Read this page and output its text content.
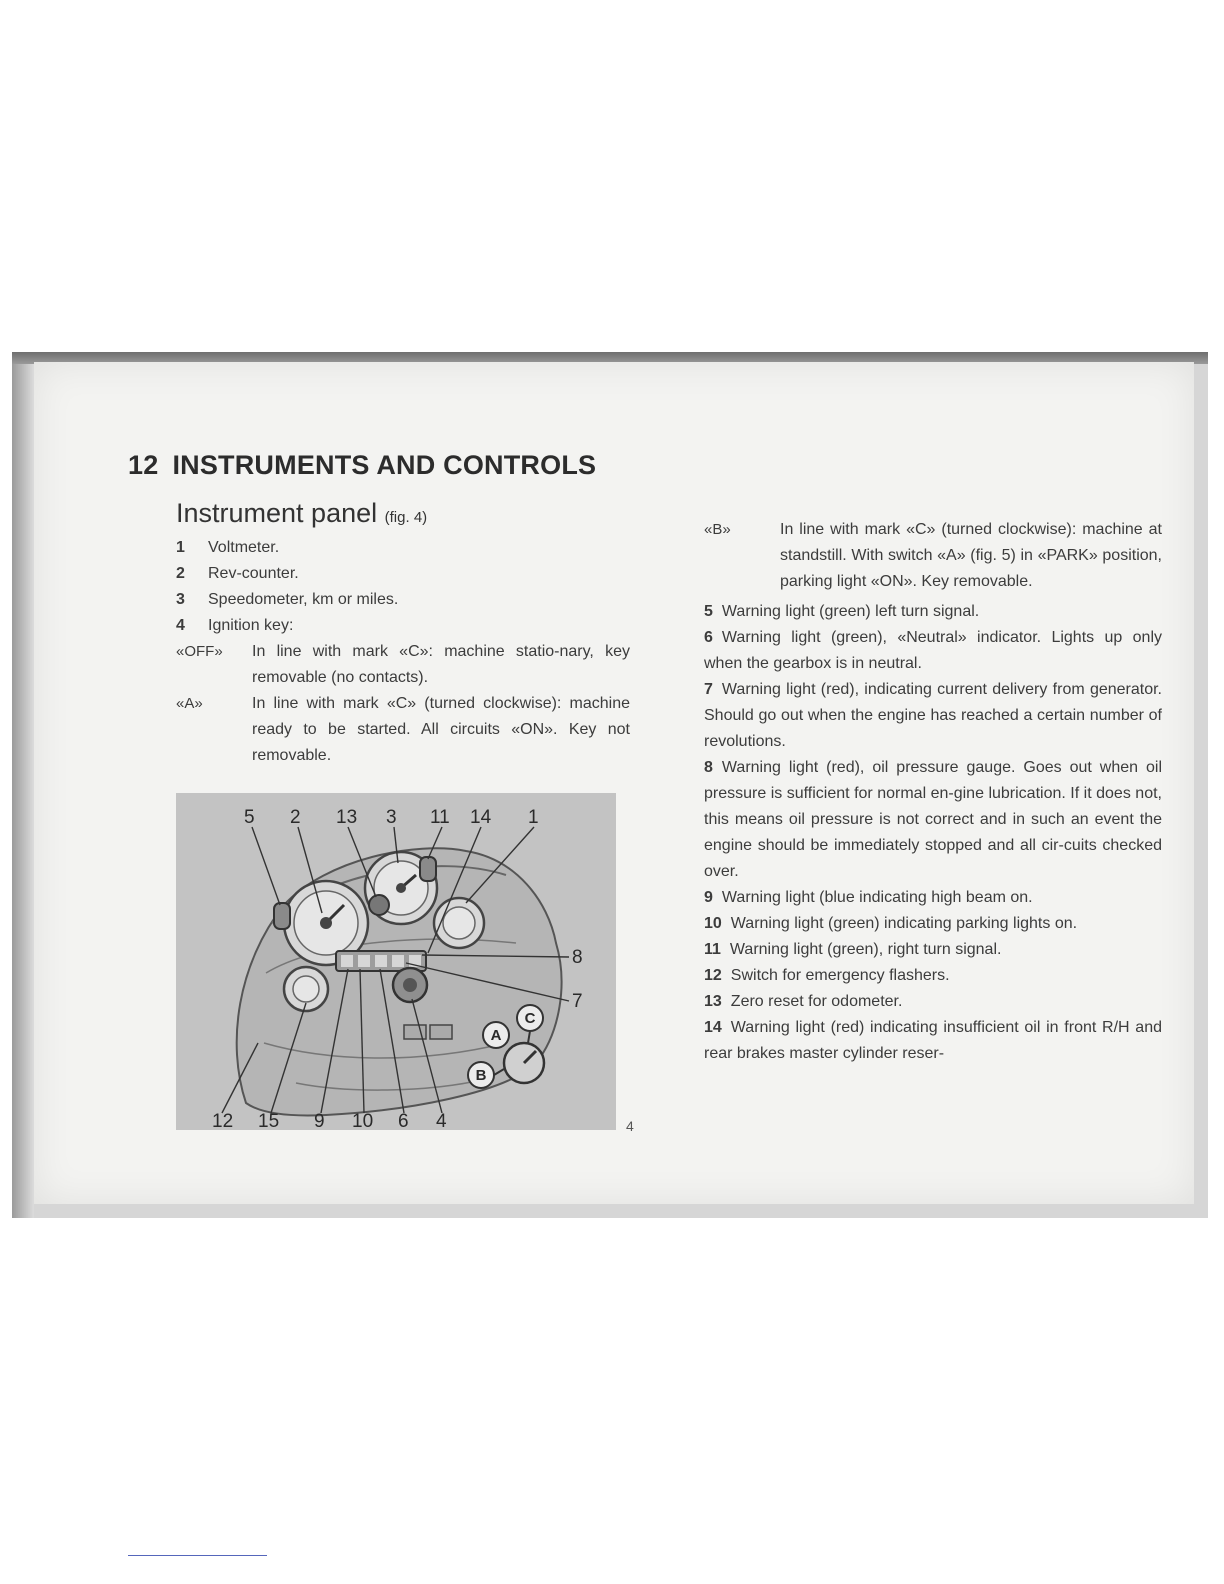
12 INSTRUMENTS AND CONTROLS
Instrument panel (fig. 4)
1	Voltmeter.
2	Rev-counter.
3	Speedometer, km or miles.
4	Ignition key:
«OFF»	In line with mark «C»: machine statio-nary, key removable (no contacts).
«A»	In line with mark «C» (turned clockwise): machine ready to be started. All circuits «ON». Key not removable.
5 2 13 3 11 14 1
8
7
12 15 9 10 6 4
A
C
B
4
«B»	In line with mark «C» (turned clockwise): machine at standstill. With switch «A» (fig. 5) in «PARK» position, parking light «ON». Key removable.

5 Warning light (green) left turn signal.

6 Warning light (green), «Neutral» indicator. Lights up only when the gearbox is in neutral.

7 Warning light (red), indicating current delivery from generator. Should go out when the engine has reached a certain number of revolutions.

8 Warning light (red), oil pressure gauge. Goes out when oil pressure is sufficient for normal en-gine lubrication. If it does not, this means oil pressure is not correct and in such an event the engine should be immediately stopped and all cir-cuits checked over.

9 Warning light (blue indicating high beam on.

10 Warning light (green) indicating parking lights on.

11 Warning light (green), right turn signal.

12 Switch for emergency flashers.

13 Zero reset for odometer.

14 Warning light (red) indicating insufficient oil in front R/H and rear brakes master cylinder reser-
